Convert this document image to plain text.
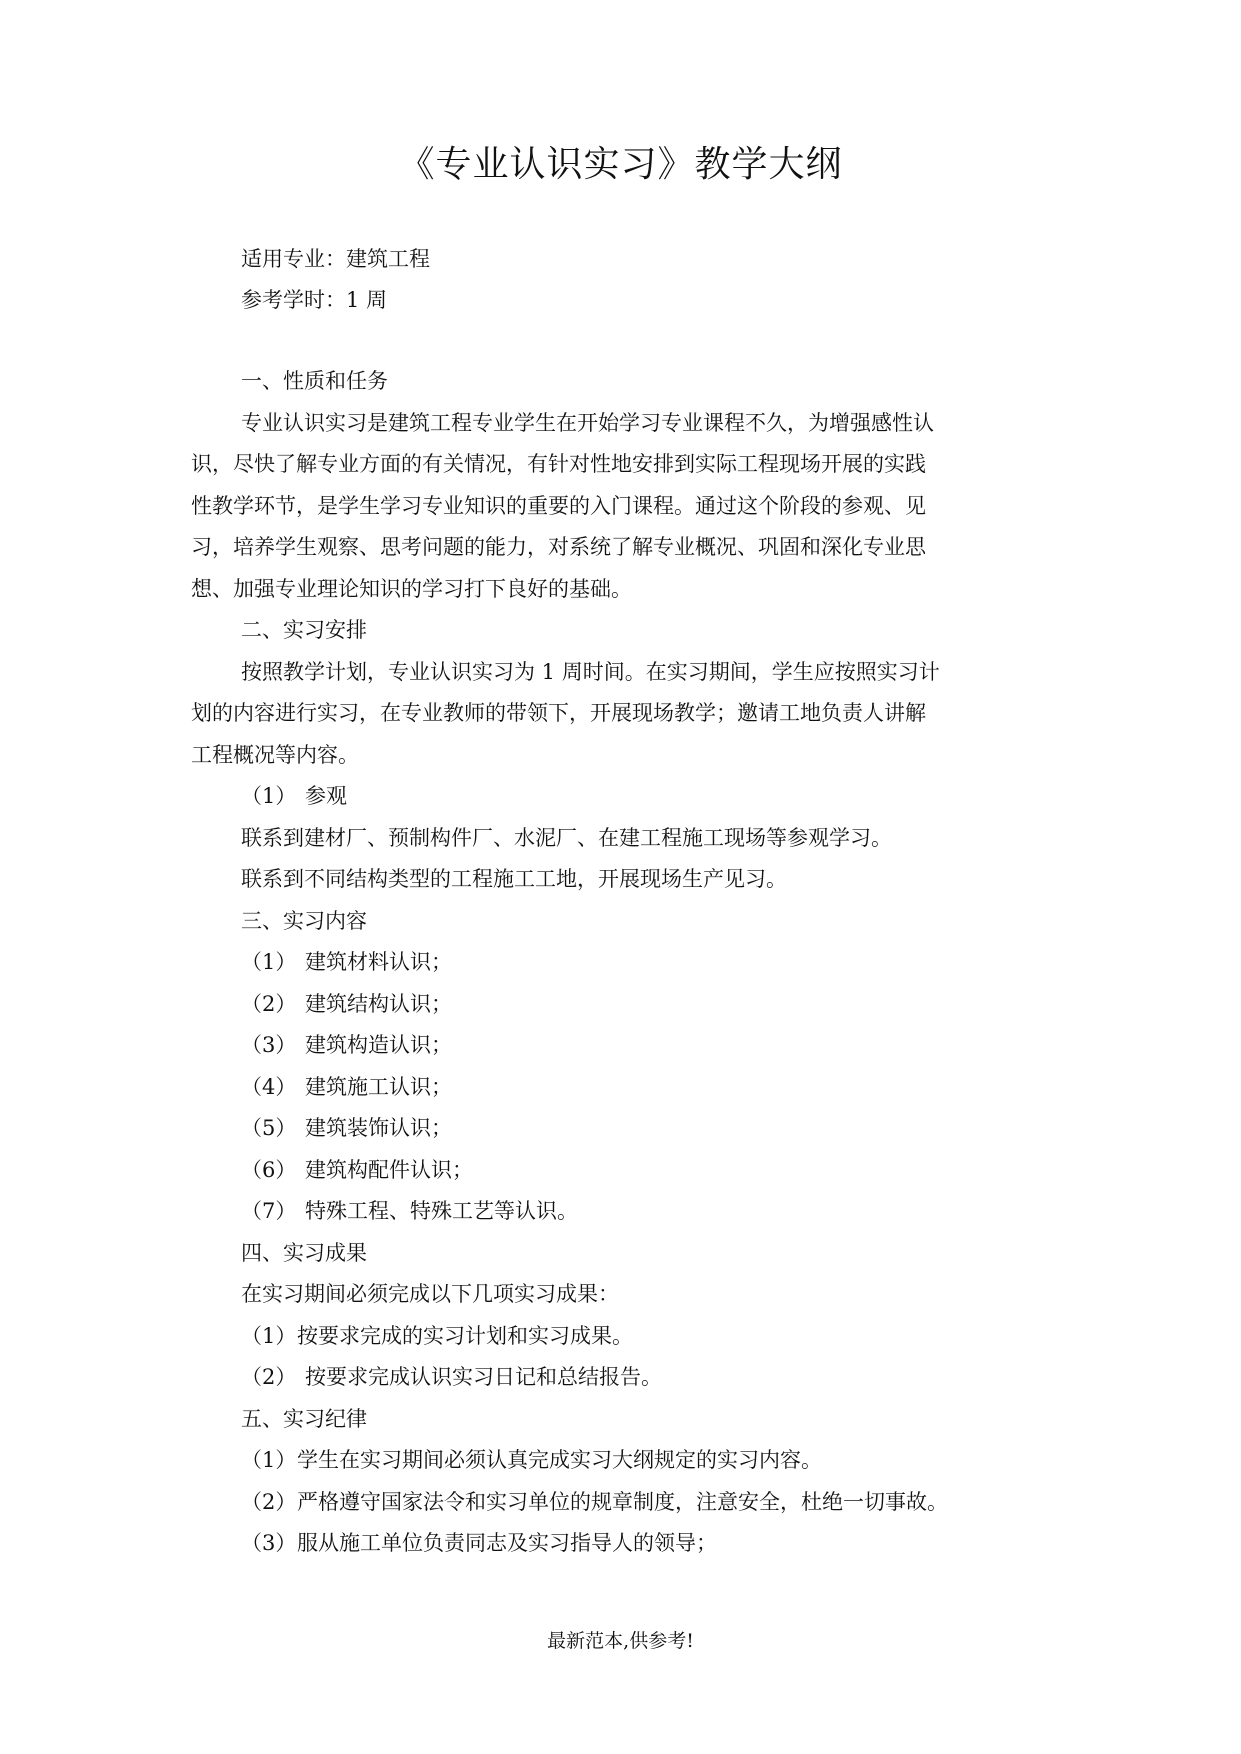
《专业认识实习》教学大纲
适用专业：建筑工程
参考学时：1 周
一、性质和任务
专业认识实习是建筑工程专业学生在开始学习专业课程不久，为增强感性认
识，尽快了解专业方面的有关情况，有针对性地安排到实际工程现场开展的实践
性教学环节，是学生学习专业知识的重要的入门课程。通过这个阶段的参观、见
习，培养学生观察、思考问题的能力，对系统了解专业概况、巩固和深化专业思
想、加强专业理论知识的学习打下良好的基础。
二、实习安排
按照教学计划，专业认识实习为 1 周时间。在实习期间，学生应按照实习计
划的内容进行实习，在专业教师的带领下，开展现场教学；邀请工地负责人讲解
工程概况等内容。
（1） 参观
联系到建材厂、预制构件厂、水泥厂、在建工程施工现场等参观学习。
联系到不同结构类型的工程施工工地，开展现场生产见习。
三、实习内容
（1） 建筑材料认识；
（2） 建筑结构认识；
（3） 建筑构造认识；
（4） 建筑施工认识；
（5） 建筑装饰认识；
（6） 建筑构配件认识；
（7） 特殊工程、特殊工艺等认识。
四、实习成果
在实习期间必须完成以下几项实习成果：
（1）按要求完成的实习计划和实习成果。
（2） 按要求完成认识实习日记和总结报告。
五、实习纪律
（1）学生在实习期间必须认真完成实习大纲规定的实习内容。
（2）严格遵守国家法令和实习单位的规章制度，注意安全，杜绝一切事故。
（3）服从施工单位负责同志及实习指导人的领导；
最新范本,供参考!
